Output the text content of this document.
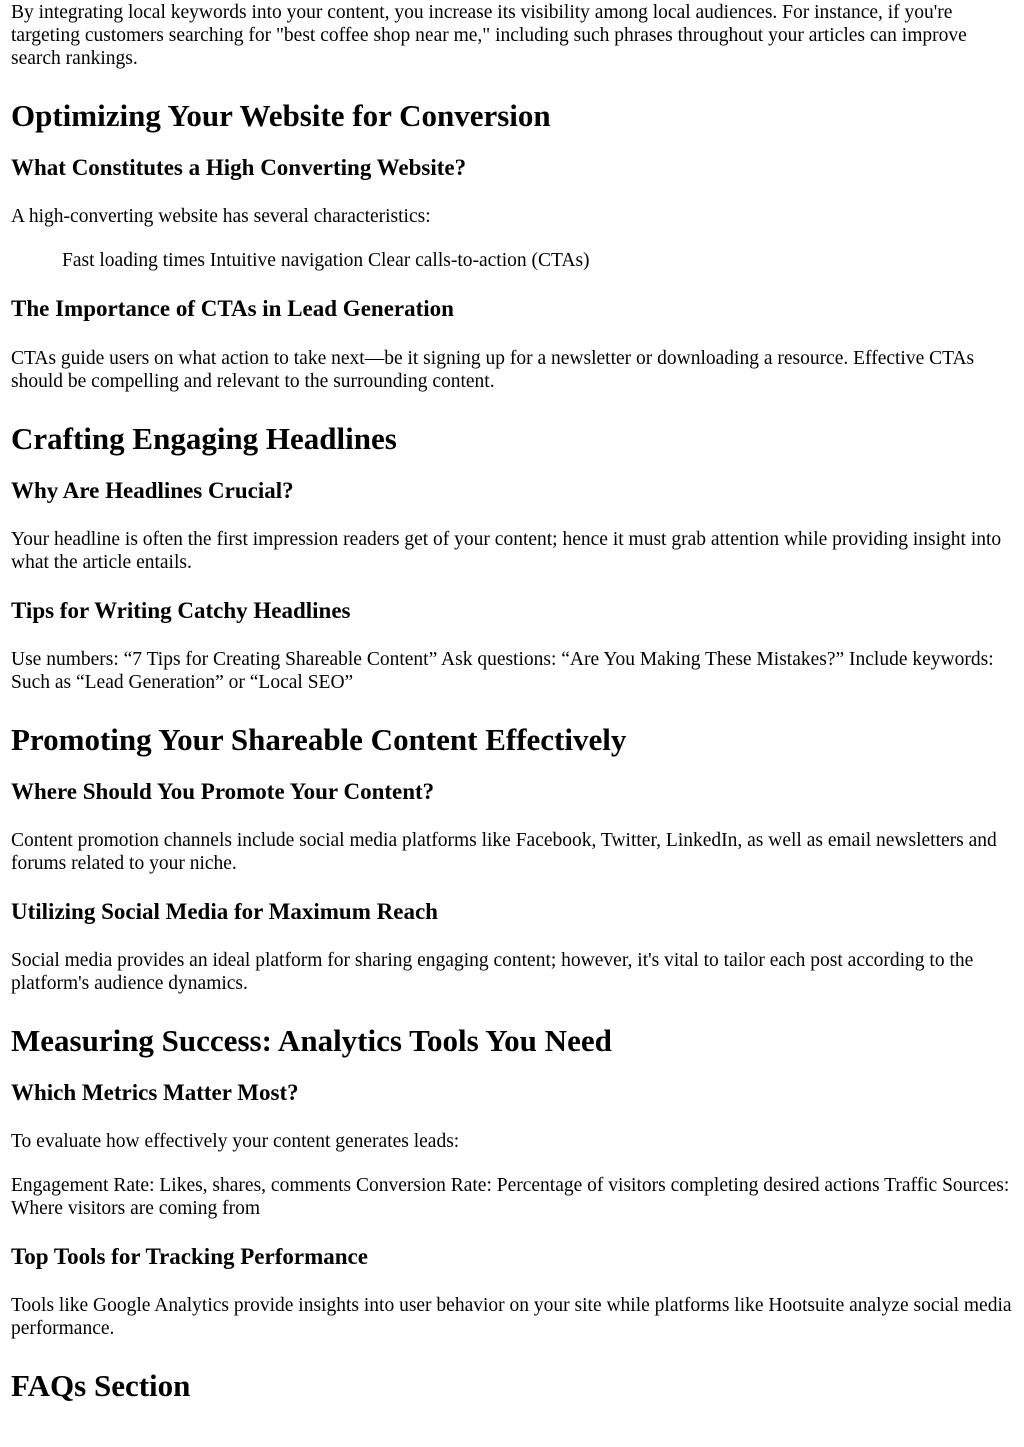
By integrating local keywords into your content, you increase its visibility among local audiences. For instance, if you're targeting customers searching for "best coffee shop near me," including such phrases throughout your articles can improve search rankings.

Optimizing Your Website for Conversion
What Constitutes a High Converting Website?

A high-converting website has several characteristics:

Fast loading times Intuitive navigation Clear calls-to-action (CTAs)

The Importance of CTAs in Lead Generation

CTAs guide users on what action to take next—be it signing up for a newsletter or downloading a resource. Effective CTAs should be compelling and relevant to the surrounding content.

Crafting Engaging Headlines
Why Are Headlines Crucial?

Your headline is often the first impression readers get of your content; hence it must grab attention while providing insight into what the article entails.

Tips for Writing Catchy Headlines

Use numbers: “7 Tips for Creating Shareable Content” Ask questions: “Are You Making These Mistakes?” Include keywords: Such as “Lead Generation” or “Local SEO”

Promoting Your Shareable Content Effectively
Where Should You Promote Your Content?

Content promotion channels include social media platforms like Facebook, Twitter, LinkedIn, as well as email newsletters and forums related to your niche.

Utilizing Social Media for Maximum Reach

Social media provides an ideal platform for sharing engaging content; however, it's vital to tailor each post according to the platform's audience dynamics.

Measuring Success: Analytics Tools You Need
Which Metrics Matter Most?

To evaluate how effectively your content generates leads:

Engagement Rate: Likes, shares, comments Conversion Rate: Percentage of visitors completing desired actions Traffic Sources: Where visitors are coming from

Top Tools for Tracking Performance

Tools like Google Analytics provide insights into user behavior on your site while platforms like Hootsuite analyze social media performance.

FAQs Section
